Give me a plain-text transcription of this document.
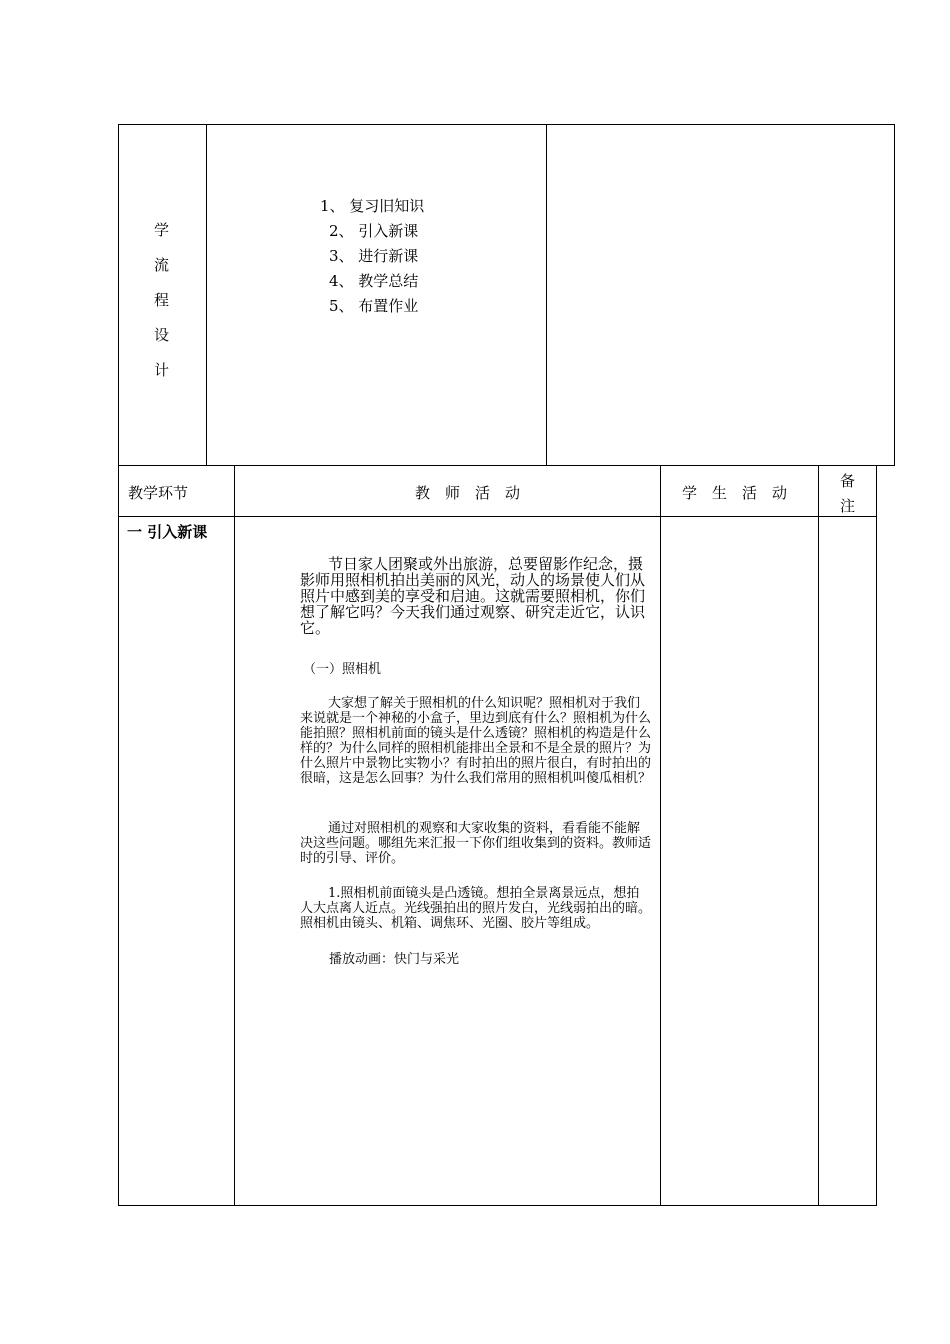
学
流
程
设
计
1、 复习旧知识
2、 引入新课
3、 进行新课
4、 教学总结
5、 布置作业
教学环节	教　师　活　动	学　生　活　动
备
注
一 引入新课
节日家人团聚或外出旅游，总要留影作纪念，摄影师用照相机拍出美丽的风光，动人的场景使人们从照片中感到美的享受和启迪。这就需要照相机，你们想了解它吗？今天我们通过观察、研究走近它，认识它。
（一）照相机
大家想了解关于照相机的什么知识呢？照相机对于我们来说就是一个神秘的小盒子，里边到底有什么？照相机为什么能拍照？照相机前面的镜头是什么透镜？照相机的构造是什么样的？为什么同样的照相机能排出全景和不是全景的照片？为什么照片中景物比实物小？有时拍出的照片很白，有时拍出的很暗，这是怎么回事？为什么我们常用的照相机叫傻瓜相机？
通过对照相机的观察和大家收集的资料，看看能不能解决这些问题。哪组先来汇报一下你们组收集到的资料。教师适时的引导、评价。
1.照相机前面镜头是凸透镜。想拍全景离景远点，想拍人大点离人近点。光线强拍出的照片发白，光线弱拍出的暗。照相机由镜头、机箱、调焦环、光圈、胶片等组成。
播放动画：快门与采光
